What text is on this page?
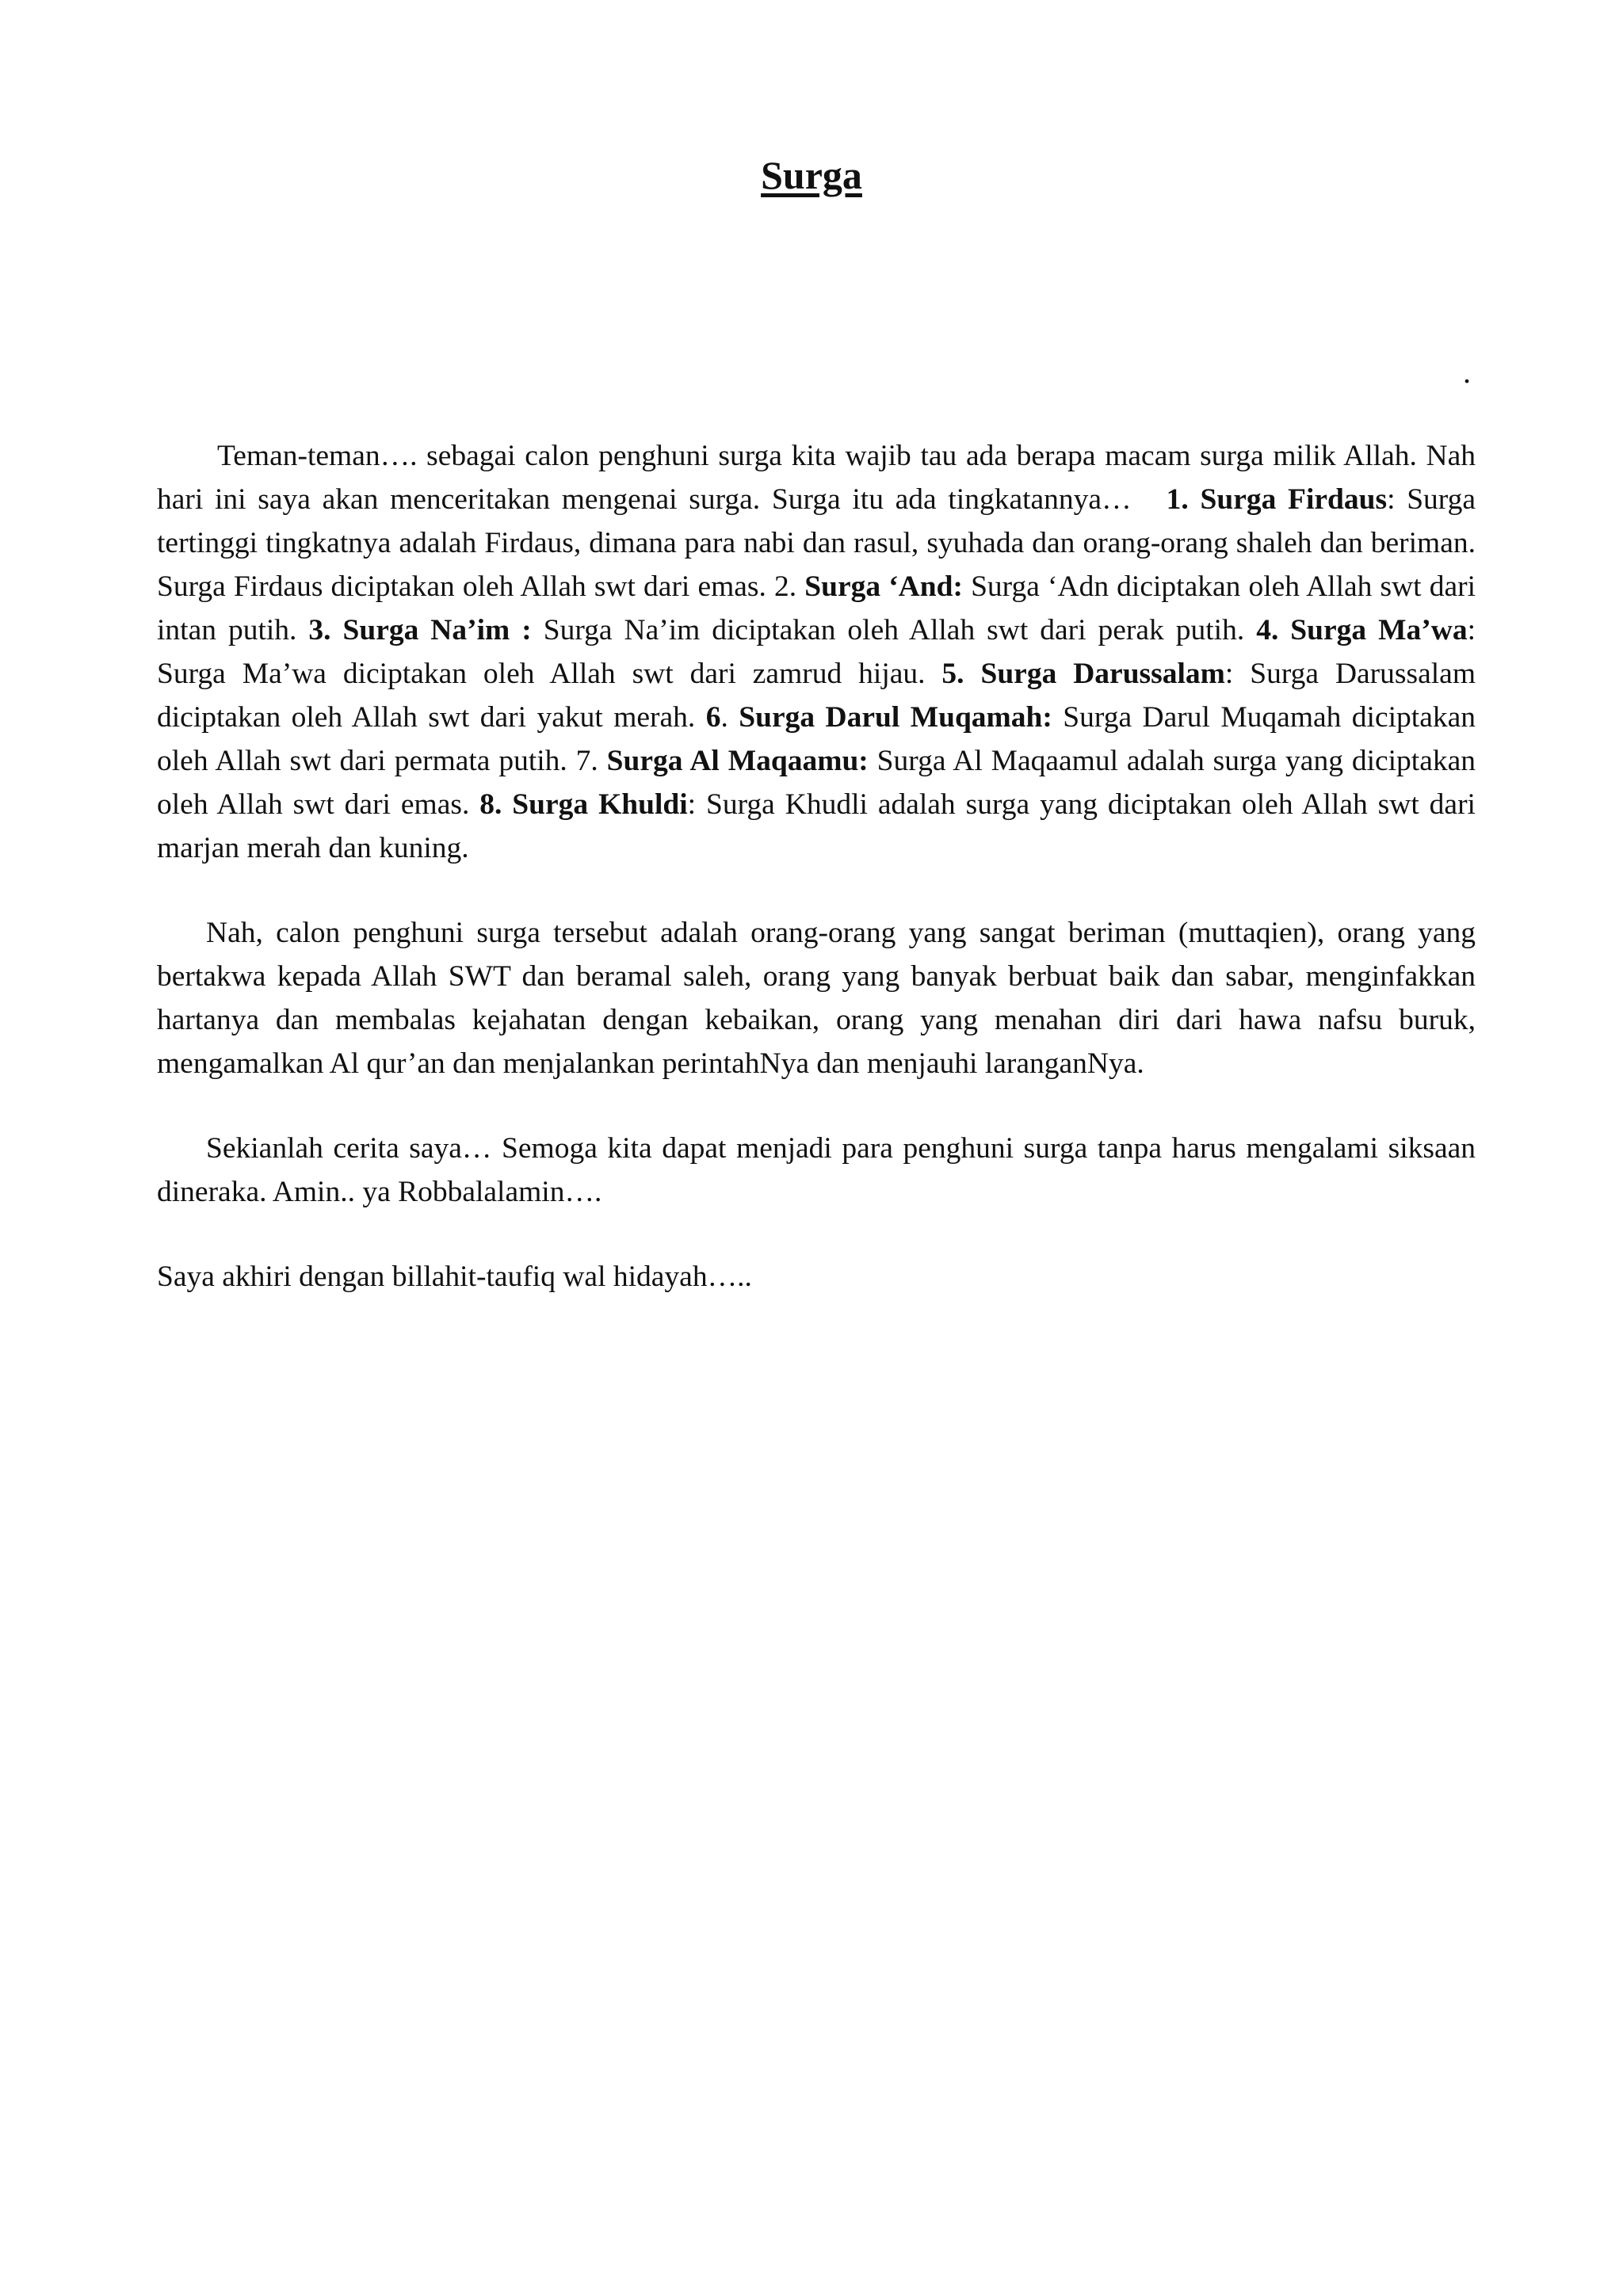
Surga
.

Teman-teman…. sebagai calon penghuni surga kita wajib tau ada berapa macam surga milik Allah. Nah hari ini saya akan menceritakan mengenai surga. Surga itu ada tingkatannya… 1. Surga Firdaus: Surga tertinggi tingkatnya adalah Firdaus, dimana para nabi dan rasul, syuhada dan orang-orang shaleh dan beriman. Surga Firdaus diciptakan oleh Allah swt dari emas. 2. Surga ‘And: Surga ‘Adn diciptakan oleh Allah swt dari intan putih. 3. Surga Na’im : Surga Na’im diciptakan oleh Allah swt dari perak putih. 4. Surga Ma’wa: Surga Ma’wa diciptakan oleh Allah swt dari zamrud hijau. 5. Surga Darussalam: Surga Darussalam diciptakan oleh Allah swt dari yakut merah. 6. Surga Darul Muqamah: Surga Darul Muqamah diciptakan oleh Allah swt dari permata putih. 7. Surga Al Maqaamu: Surga Al Maqaamul adalah surga yang diciptakan oleh Allah swt dari emas. 8. Surga Khuldi: Surga Khudli adalah surga yang diciptakan oleh Allah swt dari marjan merah dan kuning.

Nah, calon penghuni surga tersebut adalah orang-orang yang sangat beriman (muttaqien), orang yang bertakwa kepada Allah SWT dan beramal saleh, orang yang banyak berbuat baik dan sabar, menginfakkan hartanya dan membalas kejahatan dengan kebaikan, orang yang menahan diri dari hawa nafsu buruk, mengamalkan Al qur’an dan menjalankan perintahNya dan menjauhi laranganNya.

Sekianlah cerita saya… Semoga kita dapat menjadi para penghuni surga tanpa harus mengalami siksaan dineraka. Amin.. ya Robbalalamin….

Saya akhiri dengan billahit-taufiq wal hidayah…..
